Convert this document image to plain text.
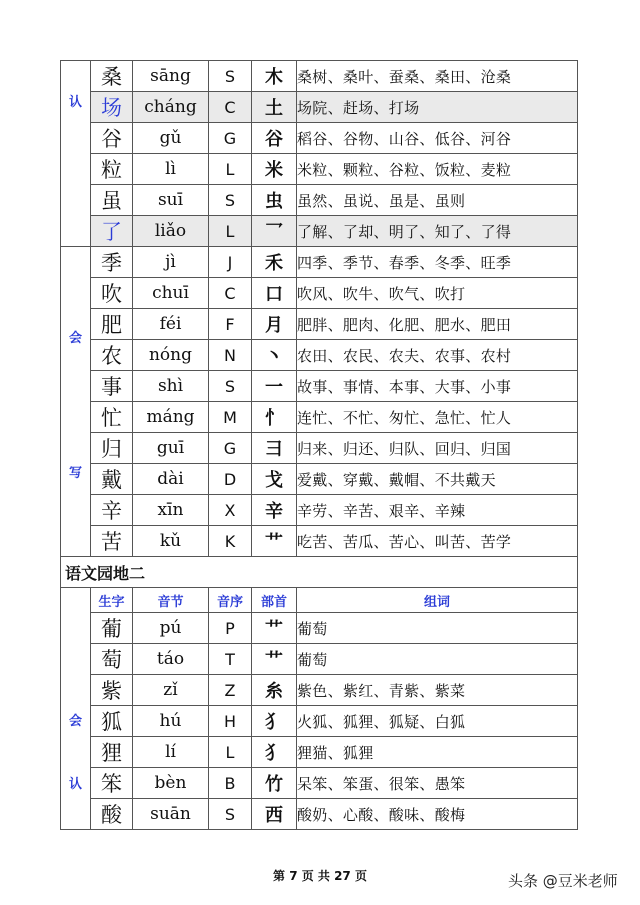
认	桑	sāng	S	木	桑树、桑叶、蚕桑、桑田、沧桑
	场	cháng	C	土	场院、赶场、打场
	谷	gǔ	G	谷	稻谷、谷物、山谷、低谷、河谷
	粒	lì	L	米	米粒、颗粒、谷粒、饭粒、麦粒
	虽	suī	S	虫	虽然、虽说、虽是、虽则
	了	liǎo	L	乛	了解、了却、明了、知了、了得

会
写	季	jì	J	禾	四季、季节、春季、冬季、旺季
	吹	chuī	C	口	吹风、吹牛、吹气、吹打
	肥	féi	F	月	肥胖、肥肉、化肥、肥水、肥田
	农	nóng	N	丶	农田、农民、农夫、农事、农村
	事	shì	S	一	故事、事情、本事、大事、小事
	忙	máng	M	忄	连忙、不忙、匆忙、急忙、忙人
	归	guī	G	彐	归来、归还、归队、回归、归国
	戴	dài	D	戈	爱戴、穿戴、戴帽、不共戴天
	辛	xīn	X	辛	辛劳、辛苦、艰辛、辛辣
	苦	kǔ	K	艹	吃苦、苦瓜、苦心、叫苦、苦学
语文园地二					

会
认	生字	音节	音序	部首	组词
	葡	pú	P	艹	葡萄
	萄	táo	T	艹	葡萄
	紫	zǐ	Z	糸	紫色、紫红、青紫、紫菜
	狐	hú	H	犭	火狐、狐狸、狐疑、白狐
	狸	lí	L	犭	狸猫、狐狸
	笨	bèn	B	竹	呆笨、笨蛋、很笨、愚笨
	酸	suān	S	西	酸奶、心酸、酸味、酸梅
第 7 页 共 27 页	头条 @豆米老师
